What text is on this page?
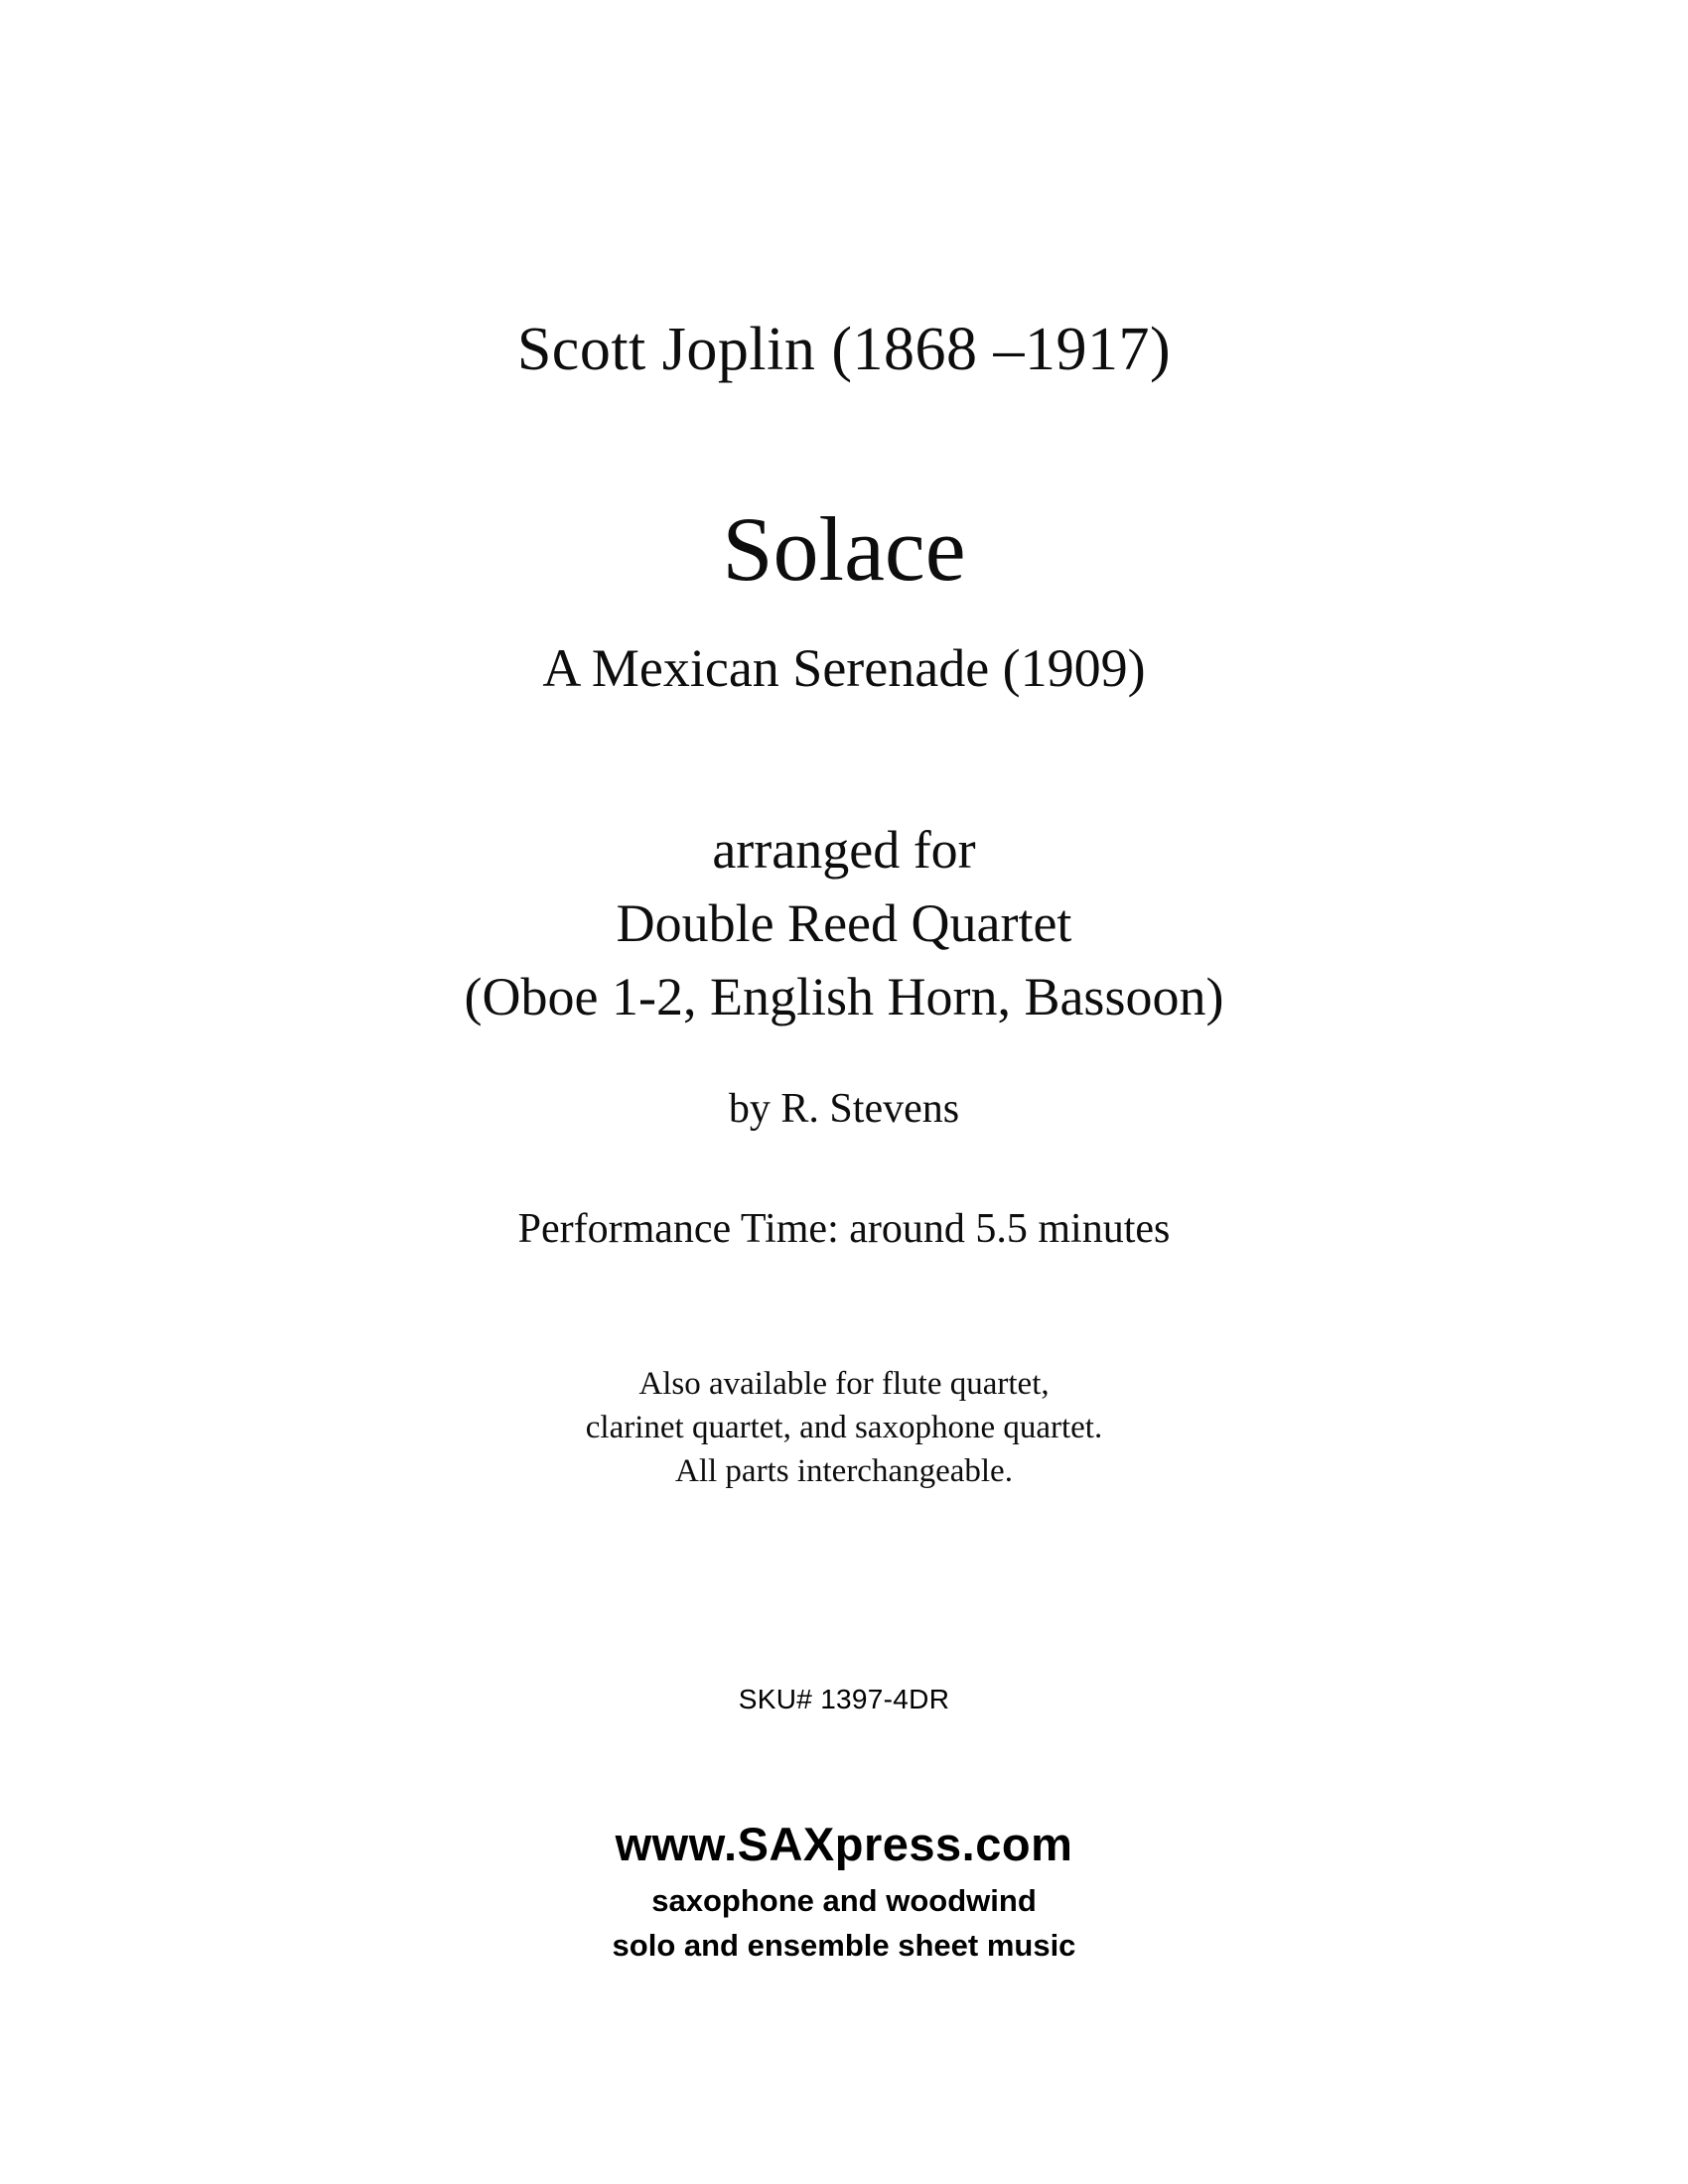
Scott Joplin (1868 –1917)
Solace
A Mexican Serenade (1909)
arranged for
Double Reed Quartet
(Oboe 1-2, English Horn, Bassoon)
by R. Stevens
Performance Time: around 5.5 minutes
Also available for flute quartet,
clarinet quartet, and saxophone quartet.
All parts interchangeable.
SKU# 1397-4DR
www.SAXpress.com
saxophone and woodwind
solo and ensemble sheet music
